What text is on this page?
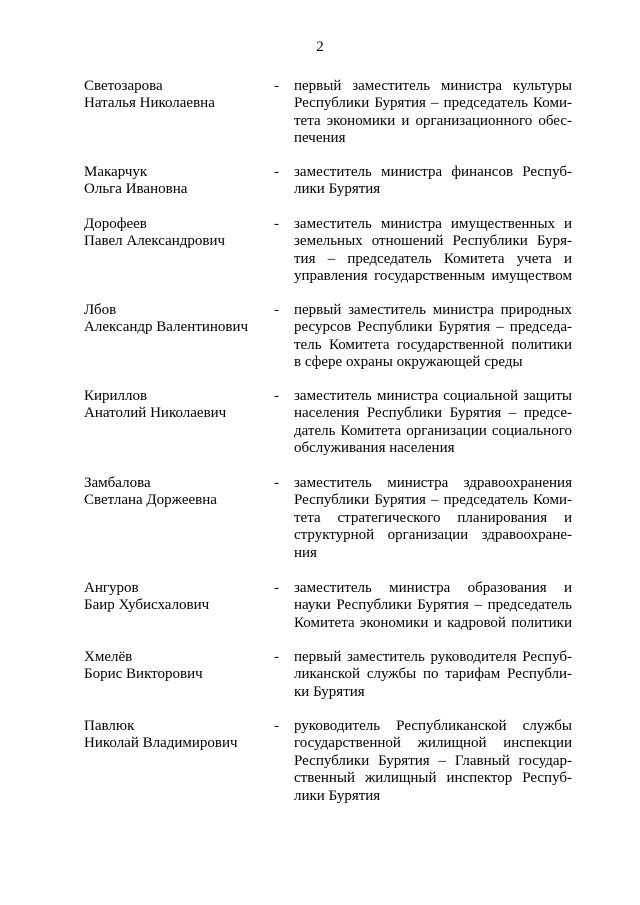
2
Светозарова
Наталья Николаевна
- первый заместитель министра культуры
Республики Бурятия – председатель Коми-
тета экономики и организационного обес-
печения
Макарчук
Ольга Ивановна
- заместитель министра финансов Респуб-
лики Бурятия
Дорофеев
Павел Александрович
- заместитель министра имущественных и
земельных отношений Республики Буря-
тия – председатель Комитета учета и
управления государственным имуществом
Лбов
Александр Валентинович
- первый заместитель министра природных
ресурсов Республики Бурятия – председа-
тель Комитета государственной политики
в сфере охраны окружающей среды
Кириллов
Анатолий Николаевич
- заместитель министра социальной защиты
населения Республики Бурятия – предсе-
датель Комитета организации социального
обслуживания населения
Замбалова
Светлана Доржеевна
- заместитель министра здравоохранения
Республики Бурятия – председатель Коми-
тета стратегического планирования и
структурной организации здравоохране-
ния
Ангуров
Баир Хубисхалович
- заместитель министра образования и
науки Республики Бурятия – председатель
Комитета экономики и кадровой политики
Хмелёв
Борис Викторович
- первый заместитель руководителя Респуб-
ликанской службы по тарифам Республи-
ки Бурятия
Павлюк
Николай Владимирович
- руководитель Республиканской службы
государственной жилищной инспекции
Республики Бурятия – Главный государ-
ственный жилищный инспектор Респуб-
лики Бурятия
